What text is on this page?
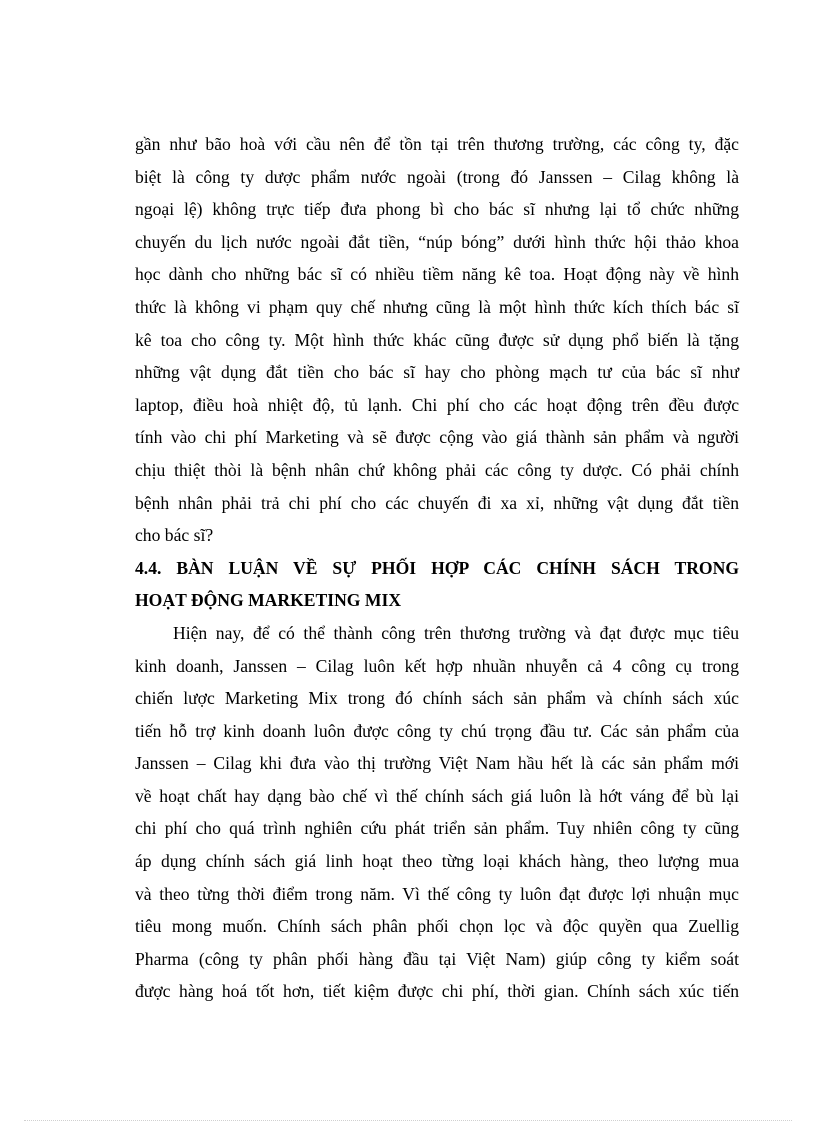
gần như bão hoà với cầu nên để tồn tại trên thương trường, các công ty, đặc
biệt là công ty dược phẩm nước ngoài (trong đó Janssen – Cilag không là
ngoại lệ) không trực tiếp đưa phong bì cho bác sĩ nhưng lại tổ chức những
chuyến du lịch nước ngoài đắt tiền, “núp bóng” dưới hình thức hội thảo khoa
học dành cho những bác sĩ có nhiều tiềm năng kê toa. Hoạt động này về hình
thức là không vi phạm quy chế nhưng cũng là một hình thức kích thích bác sĩ
kê toa cho công ty. Một hình thức khác cũng được sử dụng phổ biến là tặng
những vật dụng đắt tiền cho bác sĩ hay cho phòng mạch tư của bác sĩ như
laptop, điều hoà nhiệt độ, tủ lạnh. Chi phí cho các hoạt động trên đều được
tính vào chi phí Marketing và sẽ được cộng vào giá thành sản phẩm và người
chịu thiệt thòi là bệnh nhân chứ không phải các công ty dược. Có phải chính
bệnh nhân phải trả chi phí cho các chuyến đi xa xỉ, những vật dụng đắt tiền
cho bác sĩ?
4.4. BÀN LUẬN VỀ SỰ PHỐI HỢP CÁC CHÍNH SÁCH TRONG
HOẠT ĐỘNG MARKETING MIX
Hiện nay, để có thể thành công trên thương trường và đạt được mục tiêu
kinh doanh, Janssen – Cilag luôn kết hợp nhuần nhuyễn cả 4 công cụ trong
chiến lược Marketing Mix trong đó chính sách sản phẩm và chính sách xúc
tiến hỗ trợ kinh doanh luôn được công ty chú trọng đầu tư. Các sản phẩm của
Janssen – Cilag khi đưa vào thị trường Việt Nam hầu hết là các sản phẩm mới
về hoạt chất hay dạng bào chế vì thế chính sách giá luôn là hớt váng để bù lại
chi phí cho quá trình nghiên cứu phát triển sản phẩm. Tuy nhiên công ty cũng
áp dụng chính sách giá linh hoạt theo từng loại khách hàng, theo lượng mua
và theo từng thời điểm trong năm. Vì thế công ty luôn đạt được lợi nhuận mục
tiêu mong muốn. Chính sách phân phối chọn lọc và độc quyền qua Zuellig
Pharma (công ty phân phối hàng đầu tại Việt Nam) giúp công ty kiểm soát
được hàng hoá tốt hơn, tiết kiệm được chi phí, thời gian. Chính sách xúc tiến
